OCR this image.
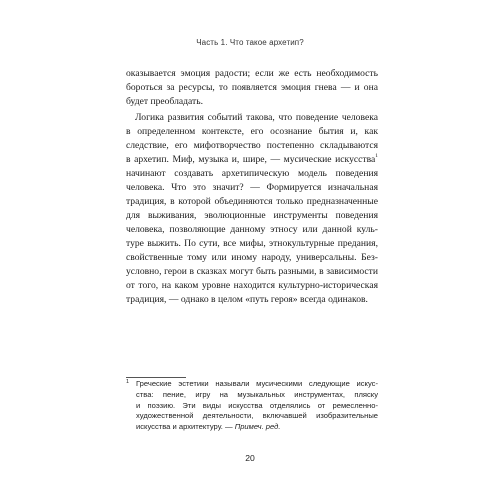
Часть 1. Что такое архетип?

оказывается эмоция радости; если же есть необходимость
бороться за ресурсы, то появляется эмоция гнева — и она
будет преобладать.

Логика развития событий такова, что поведение человека
в определенном контексте, его осознание бытия и, как
следствие, его мифотворчество постепенно складываются
в архетип. Миф, музыка и, шире, — мусические искусства$^1$
начинают создавать архетипическую модель поведения
человека. Что это значит? — Формируется изначальная
традиция, в которой объединяются только предназначенные
для выживания, эволюционные инструменты поведения
человека, позволяющие данному этносу или данной куль-
туре выжить. По сути, все мифы, этнокультурные предания,
свойственные тому или иному народу, универсальны. Без-
условно, герои в сказках могут быть разными, в зависимости
от того, на каком уровне находится культурно-историческая
традиция, — однако в целом «путь героя» всегда одинаков.

1 Греческие эстетики называли мусическими следующие искус-
ства: пение, игру на музыкальных инструментах, пляску
и поэзию. Эти виды искусства отделялись от ремесленно-
художественной деятельности, включавшей изобразительные
искусства и архитектуру. — Примеч. ред.
20
